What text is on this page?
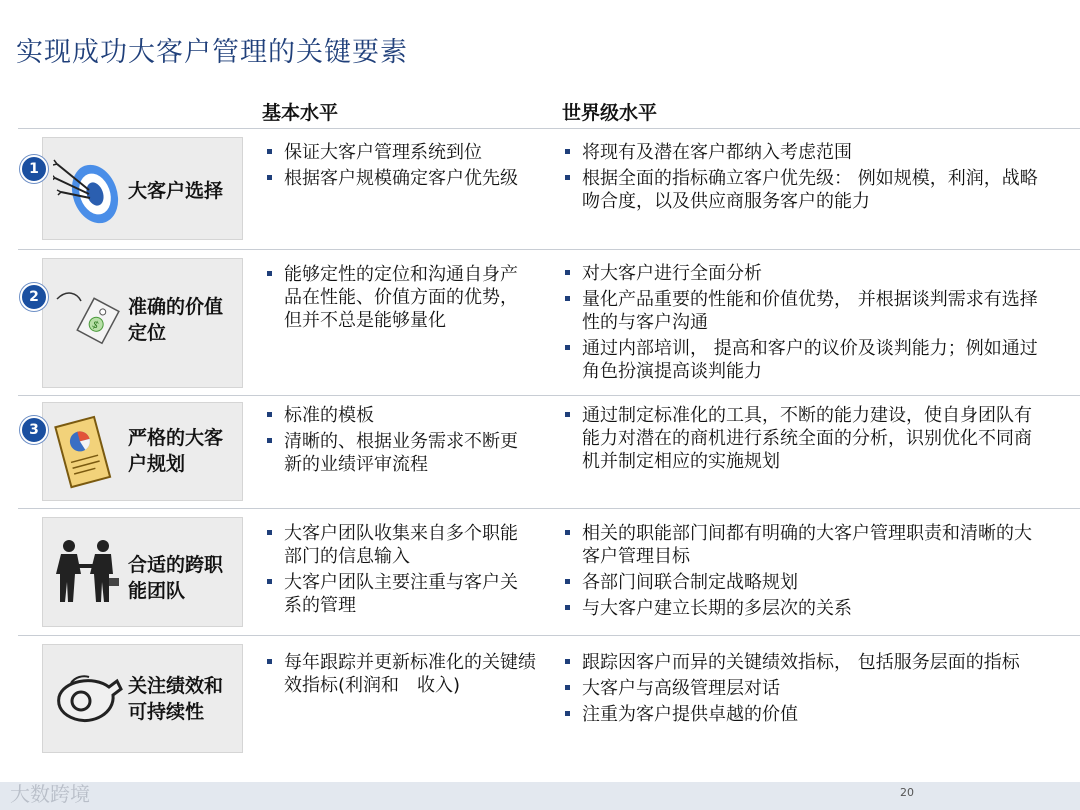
实现成功大客户管理的关键要素
基本水平	世界级水平
大客户选择
1
保证大客户管理系统到位
根据客户规模确定客户优先级
将现有及潜在客户都纳入考虑范围
根据全面的指标确立客户优先级： 例如规模，利润，战略吻合度，以及供应商服务客户的能力
$
准确的价值定位
2
能够定性的定位和沟通自身产品在性能、价值方面的优势， 但并不总是能够量化
对大客户进行全面分析
量化产品重要的性能和价值优势， 并根据谈判需求有选择性的与客户沟通
通过内部培训， 提高和客户的议价及谈判能力；例如通过角色扮演提高谈判能力
严格的大客户规划
3
标准的模板
清晰的、根据业务需求不断更新的业绩评审流程
通过制定标准化的工具，不断的能力建设，使自身团队有能力对潜在的商机进行系统全面的分析，识别优化不同商机并制定相应的实施规划
合适的跨职能团队
大客户团队收集来自多个职能部门的信息输入
大客户团队主要注重与客户关系的管理
相关的职能部门间都有明确的大客户管理职责和清晰的大客户管理目标
各部门间联合制定战略规划
与大客户建立长期的多层次的关系
关注绩效和可持续性
每年跟踪并更新标准化的关键绩效指标(利润和　收入)
跟踪因客户而异的关键绩效指标， 包括服务层面的指标
大客户与高级管理层对话
注重为客户提供卓越的价值
大数跨境	20
